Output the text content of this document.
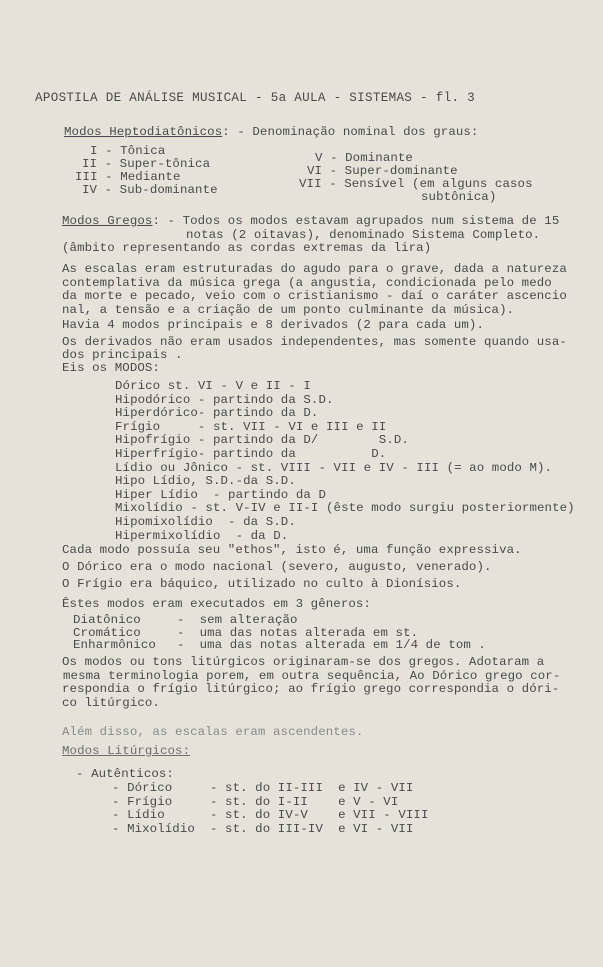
APOSTILA DE ANÁLISE MUSICAL - 5a AULA - SISTEMAS - fl. 3
Modos Heptodiatônicos: - Denominação nominal dos graus:
I - Tônica
II - Super-tônica
III - Mediante
IV - Sub-dominante
V - Dominante
VI - Super-dominante
VII - Sensível (em alguns casos
subtônica)
Modos Gregos: - Todos os modos estavam agrupados num sistema de 15
notas (2 oitavas), denominado Sistema Completo.
(âmbito representando as cordas extremas da lira)
As escalas eram estruturadas do agudo para o grave, dada a natureza
contemplativa da música grega (a angustia, condicionada pelo medo
da morte e pecado, veio com o cristianismo - daí o caráter ascencio
nal, a tensão e a criação de um ponto culminante da música).
Havia 4 modos principais e 8 derivados (2 para cada um).
Os derivados não eram usados independentes, mas somente quando usa-
dos principais .
Eis os MODOS:
Dórico st. VI - V e II - I
Hipodórico - partindo da S.D.
Hiperdórico- partindo da D.
Frígio     - st. VII - VI e III e II
Hipofrígio - partindo da D/        S.D.
Hiperfrígio- partindo da          D.
Lídio ou Jônico - st. VIII - VII e IV - III (= ao modo M).
Hipo Lídio, S.D.-da S.D.
Hiper Lídio  - partindo da D
Mixolídio - st. V-IV e II-I (êste modo surgiu posteriormente)
Hipomixolídio  - da S.D.
Hipermixolídio  - da D.
Cada modo possuía seu "ethos", isto é, uma função expressiva.
O Dórico era o modo nacional (severo, augusto, venerado).
O Frígio era báquico, utilizado no culto à Dionísios.
Êstes modos eram executados em 3 gêneros:
Diatônico	-  sem alteração
Cromático	-  uma das notas alterada em st.
Enharmônico -  uma das notas alterada em 1/4 de tom .
Os modos ou tons litúrgicos originaram-se dos gregos. Adotaram a
mesma terminologia porem, em outra sequência, Ao Dórico grego cor-
respondia o frígio litúrgico; ao frígio grego correspondia o dóri-
co litúrgico.
Além disso, as escalas eram ascendentes.
Modos Litúrgicos:
- Autênticos:
- Dórico     - st. do II-III  e IV - VII
- Frígio     - st. do I-II    e V - VI
- Lídio      - st. do IV-V    e VII - VIII
- Mixolídio  - st. do III-IV  e VI - VII
